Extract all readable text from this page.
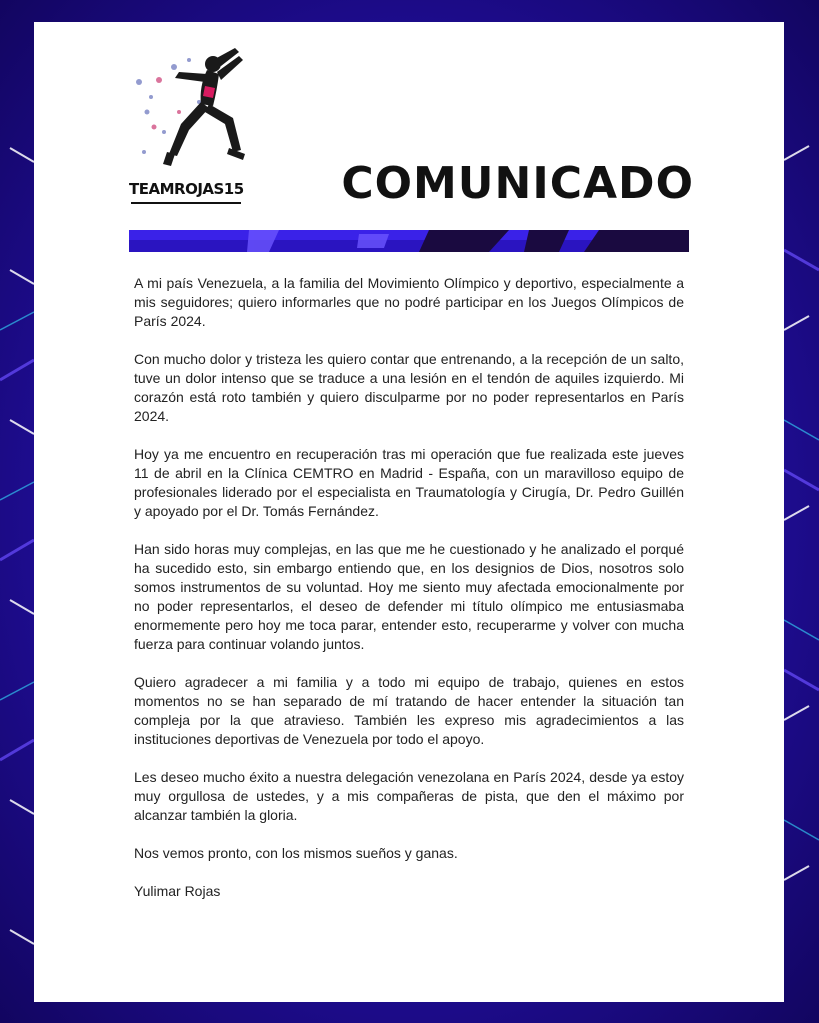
TEAMROJAS15	COMUNICADO

A mi país Venezuela, a la familia del Movimiento Olímpico y deportivo, especialmente a mis seguidores; quiero informarles que no podré participar en los Juegos Olímpicos de París 2024.

Con mucho dolor y tristeza les quiero contar que entrenando, a la recepción de un salto, tuve un dolor intenso que se traduce a una lesión en el tendón de aquiles izquierdo. Mi corazón está roto también y quiero disculparme por no poder representarlos en París 2024.

Hoy ya me encuentro en recuperación tras mi operación que fue realizada este jueves 11 de abril en la Clínica CEMTRO en Madrid - España, con un maravilloso equipo de profesionales liderado por el especialista en Traumatología y Cirugía, Dr. Pedro Guillén y apoyado por el Dr. Tomás Fernández.

Han sido horas muy complejas, en las que me he cuestionado y he analizado el porqué ha sucedido esto, sin embargo entiendo que, en los designios de Dios, nosotros solo somos instrumentos de su voluntad. Hoy me siento muy afectada emocionalmente por no poder representarlos, el deseo de defender mi título olímpico me entusiasmaba enormemente pero hoy me toca parar, entender esto, recuperarme y volver con mucha fuerza para continuar volando juntos.

Quiero agradecer a mi familia y a todo mi equipo de trabajo, quienes en estos momentos no se han separado de mí tratando de hacer entender la situación tan compleja por la que atravieso. También les expreso mis agradecimientos a las instituciones deportivas de Venezuela por todo el apoyo.

Les deseo mucho éxito a nuestra delegación venezolana en París 2024, desde ya estoy muy orgullosa de ustedes, y a mis compañeras de pista, que den el máximo por alcanzar también la gloria.

Nos vemos pronto, con los mismos sueños y ganas.

Yulimar Rojas
